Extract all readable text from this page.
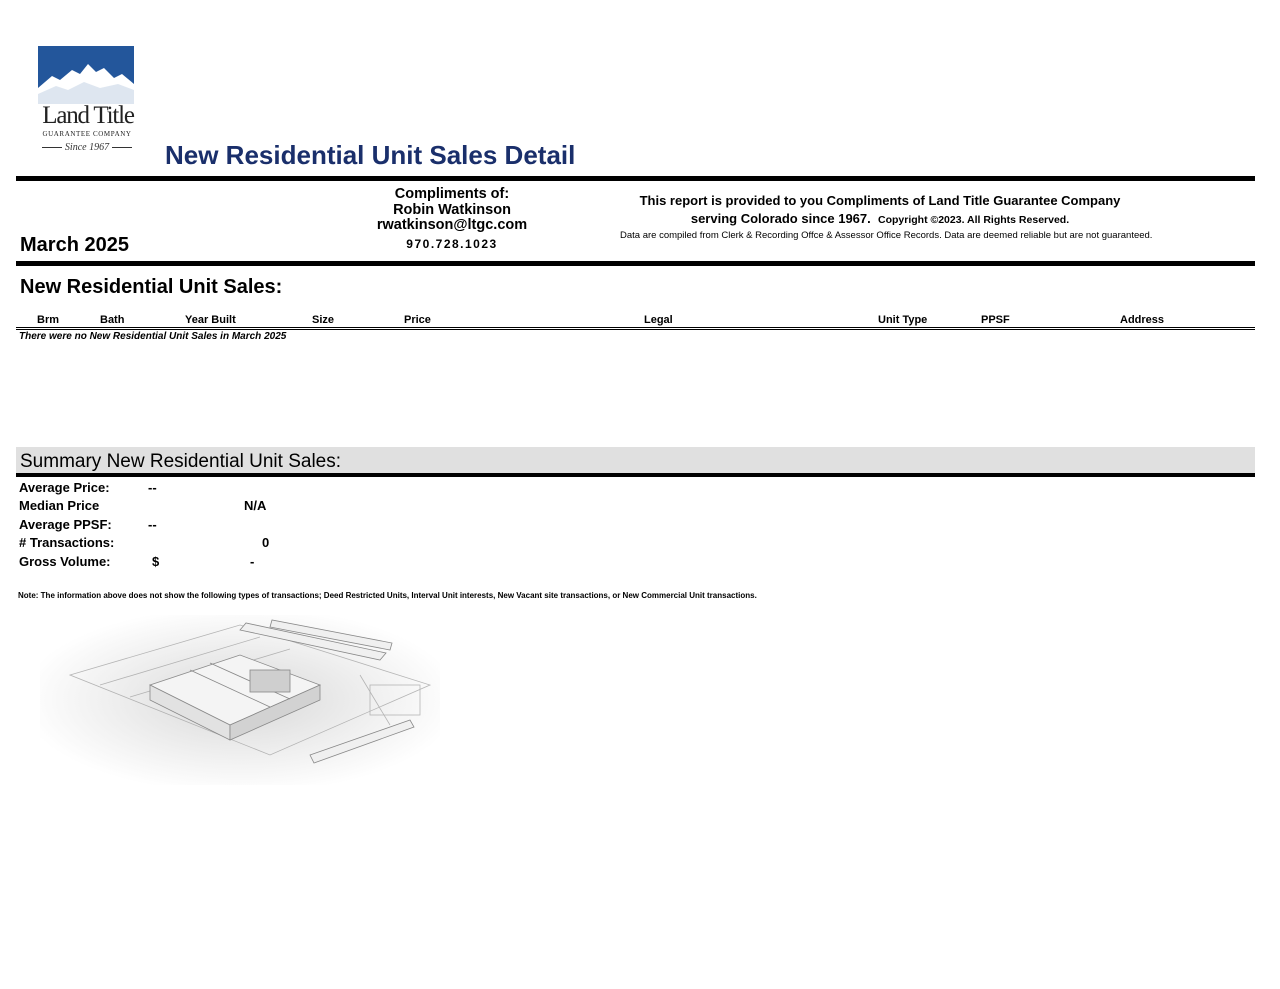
Land Title
GUARANTEE COMPANY
Since 1967	New Residential Unit Sales Detail
Compliments of:
Robin Watkinson
rwatkinson@ltgc.com
970.728.1023
This report is provided to you Compliments of Land Title Guarantee Company
serving Colorado since 1967. Copyright ©2023. All Rights Reserved.
Data are compiled from Clerk & Recording Offce & Assessor Office Records. Data are deemed reliable but are not guaranteed.
March 2025
New Residential Unit Sales:
Brm	Bath	Year Built	Size	Price	Legal	Unit Type	PPSF	Address
There were no New Residential Unit Sales in March 2025
Summary New Residential Unit Sales:
Average Price:	--
Median Price	N/A
Average PPSF:	--
# Transactions:	0
Gross Volume:	$	-
Note: The information above does not show the following types of transactions; Deed Restricted Units, Interval Unit interests, New Vacant site transactions, or New Commercial Unit transactions.
